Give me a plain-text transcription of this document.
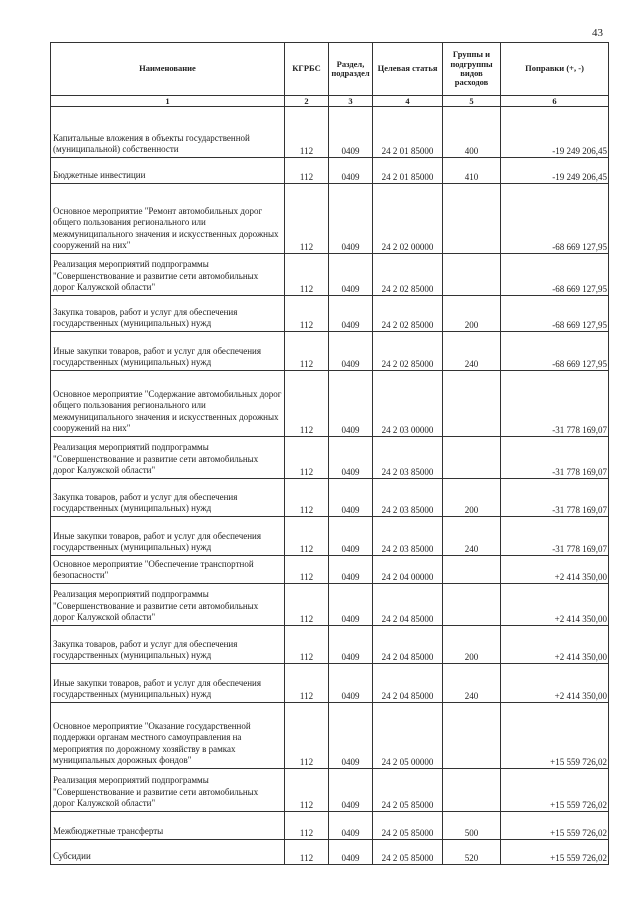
43
Наименование	КГРБС	Раздел, подраздел	Целевая статья	Группы и подгруппы видов расходов	Поправки (+, -)
1	2	3	4	5	6
Капитальные вложения в объекты государственной (муниципальной) собственности	112	0409	24 2 01 85000	400	-19 249 206,45
Бюджетные инвестиции	112	0409	24 2 01 85000	410	-19 249 206,45
Основное мероприятие "Ремонт автомобильных дорог общего пользования регионального или межмуниципального значения и искусственных дорожных сооружений на них"	112	0409	24 2 02 00000		-68 669 127,95
Реализация мероприятий подпрограммы "Совершенствование и развитие сети автомобильных дорог Калужской области"	112	0409	24 2 02 85000		-68 669 127,95
Закупка товаров, работ и услуг для обеспечения государственных (муниципальных) нужд	112	0409	24 2 02 85000	200	-68 669 127,95
Иные закупки товаров, работ и услуг для обеспечения государственных (муниципальных) нужд	112	0409	24 2 02 85000	240	-68 669 127,95
Основное мероприятие "Содержание автомобильных дорог общего пользования регионального или межмуниципального значения и искусственных дорожных сооружений на них"	112	0409	24 2 03 00000		-31 778 169,07
Реализация мероприятий подпрограммы "Совершенствование и развитие сети автомобильных дорог Калужской области"	112	0409	24 2 03 85000		-31 778 169,07
Закупка товаров, работ и услуг для обеспечения государственных (муниципальных) нужд	112	0409	24 2 03 85000	200	-31 778 169,07
Иные закупки товаров, работ и услуг для обеспечения государственных (муниципальных) нужд	112	0409	24 2 03 85000	240	-31 778 169,07
Основное мероприятие "Обеспечение транспортной безопасности"	112	0409	24 2 04 00000		+2 414 350,00
Реализация мероприятий подпрограммы "Совершенствование и развитие сети автомобильных дорог Калужской области"	112	0409	24 2 04 85000		+2 414 350,00
Закупка товаров, работ и услуг для обеспечения государственных (муниципальных) нужд	112	0409	24 2 04 85000	200	+2 414 350,00
Иные закупки товаров, работ и услуг для обеспечения государственных (муниципальных) нужд	112	0409	24 2 04 85000	240	+2 414 350,00
Основное мероприятие "Оказание государственной поддержки органам местного самоуправления на мероприятия по дорожному хозяйству в рамках муниципальных дорожных фондов"	112	0409	24 2 05 00000		+15 559 726,02
Реализация мероприятий подпрограммы "Совершенствование и развитие сети автомобильных дорог Калужской области"	112	0409	24 2 05 85000		+15 559 726,02
Межбюджетные трансферты	112	0409	24 2 05 85000	500	+15 559 726,02
Субсидии	112	0409	24 2 05 85000	520	+15 559 726,02
